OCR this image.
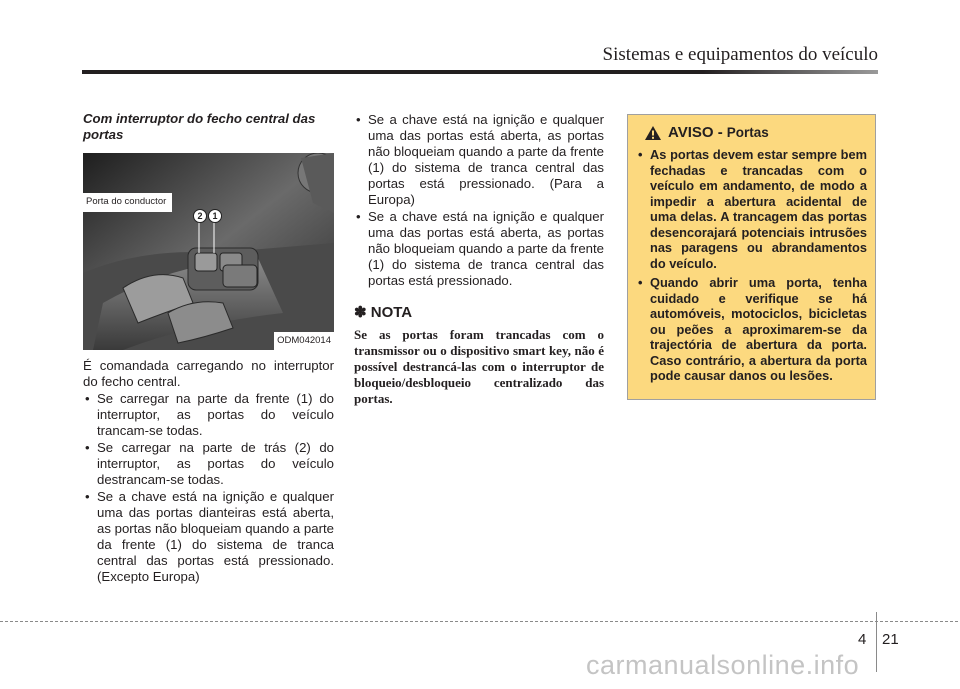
Sistemas e equipamentos do veículo

Com interruptor do fecho central das portas

Porta do conductor
2	1
ODM042014

É comandada carregando no interruptor do fecho central.

• Se carregar na parte da frente (1) do interruptor, as portas do veículo trancam-se todas.
• Se carregar na parte de trás (2) do interruptor, as portas do veículo destrancam-se todas.
• Se a chave está na ignição e qualquer uma das portas dianteiras está aberta, as portas não bloqueiam quando a parte da frente (1) do sistema de tranca central das portas está pressionado. (Excepto Europa)
• Se a chave está na ignição e qualquer uma das portas está aberta, as portas não bloqueiam quando a parte da frente (1) do sistema de tranca central das portas está pressionado. (Para a Europa)
• Se a chave está na ignição e qualquer uma das portas está aberta, as portas não bloqueiam quando a parte da frente (1) do sistema de tranca central das portas está pressionado.
✽ NOTA
Se as portas foram trancadas com o transmissor ou o dispositivo smart key, não é possível destrancá-las com o interruptor de bloqueio/desbloqueio centralizado das portas.
AVISO - Portas
• As portas devem estar sempre bem fechadas e trancadas com o veículo em andamento, de modo a impedir a abertura acidental de uma delas. A trancagem das portas desencorajará potenciais intrusões nas paragens ou abrandamentos do veículo.
• Quando abrir uma porta, tenha cuidado e verifique se há automóveis, motociclos, bicicletas ou peões a aproximarem-se da trajectória de abertura da porta. Caso contrário, a abertura da porta pode causar danos ou lesões.
4 21
carmanualsonline.info
